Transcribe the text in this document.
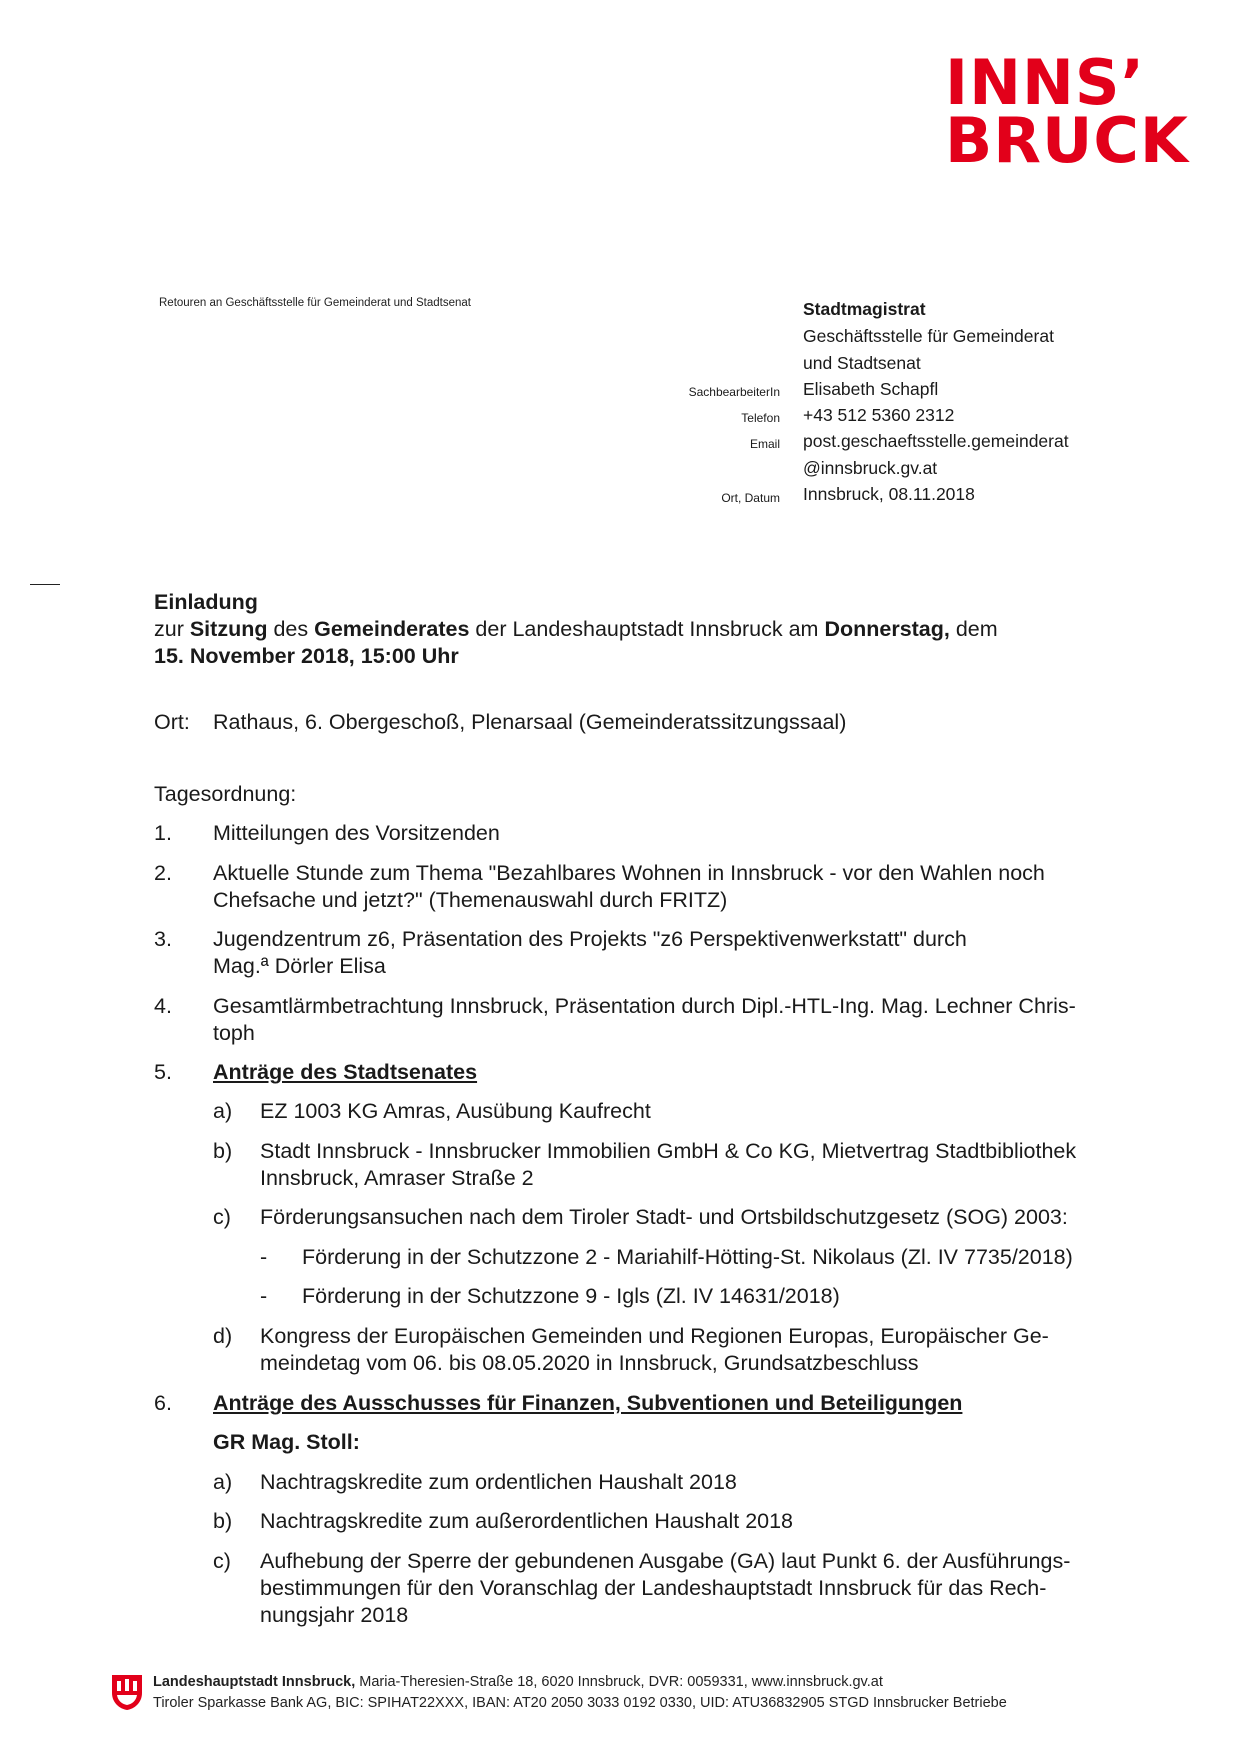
INNS’
BRUCK
Retouren an Geschäftsstelle für Gemeinderat und Stadtsenat	Stadtmagistrat
Geschäftsstelle für Gemeinderat
und Stadtsenat
SachbearbeiterIn Elisabeth Schapfl
Telefon +43 512 5360 2312
Email post.geschaeftsstelle.gemeinderat
@innsbruck.gv.at
Ort, Datum Innsbruck, 08.11.2018
Einladung
zur Sitzung des Gemeinderates der Landeshauptstadt Innsbruck am Donnerstag, dem
15. November 2018, 15:00 Uhr
Ort: Rathaus, 6. Obergeschoß, Plenarsaal (Gemeinderatssitzungssaal)
Tagesordnung:
1. Mitteilungen des Vorsitzenden
2. Aktuelle Stunde zum Thema "Bezahlbares Wohnen in Innsbruck - vor den Wahlen noch
Chefsache und jetzt?" (Themenauswahl durch FRITZ)
3. Jugendzentrum z6, Präsentation des Projekts "z6 Perspektivenwerkstatt" durch
Mag.ª Dörler Elisa
4. Gesamtlärmbetrachtung Innsbruck, Präsentation durch Dipl.-HTL-Ing. Mag. Lechner Chris-
toph
5. Anträge des Stadtsenates
a) EZ 1003 KG Amras, Ausübung Kaufrecht
b) Stadt Innsbruck - Innsbrucker Immobilien GmbH & Co KG, Mietvertrag Stadtbibliothek
Innsbruck, Amraser Straße 2
c) Förderungsansuchen nach dem Tiroler Stadt- und Ortsbildschutzgesetz (SOG) 2003:
- Förderung in der Schutzzone 2 - Mariahilf-Hötting-St. Nikolaus (Zl. IV 7735/2018)
- Förderung in der Schutzzone 9 - Igls (Zl. IV 14631/2018)
d) Kongress der Europäischen Gemeinden und Regionen Europas, Europäischer Ge-
meindetag vom 06. bis 08.05.2020 in Innsbruck, Grundsatzbeschluss
6. Anträge des Ausschusses für Finanzen, Subventionen und Beteiligungen
GR Mag. Stoll:
a) Nachtragskredite zum ordentlichen Haushalt 2018
b) Nachtragskredite zum außerordentlichen Haushalt 2018
c) Aufhebung der Sperre der gebundenen Ausgabe (GA) laut Punkt 6. der Ausführungs-
bestimmungen für den Voranschlag der Landeshauptstadt Innsbruck für das Rech-
nungsjahr 2018
Landeshauptstadt Innsbruck, Maria-Theresien-Straße 18, 6020 Innsbruck, DVR: 0059331, www.innsbruck.gv.at
Tiroler Sparkasse Bank AG, BIC: SPIHAT22XXX, IBAN: AT20 2050 3033 0192 0330, UID: ATU36832905 STGD Innsbrucker Betriebe
